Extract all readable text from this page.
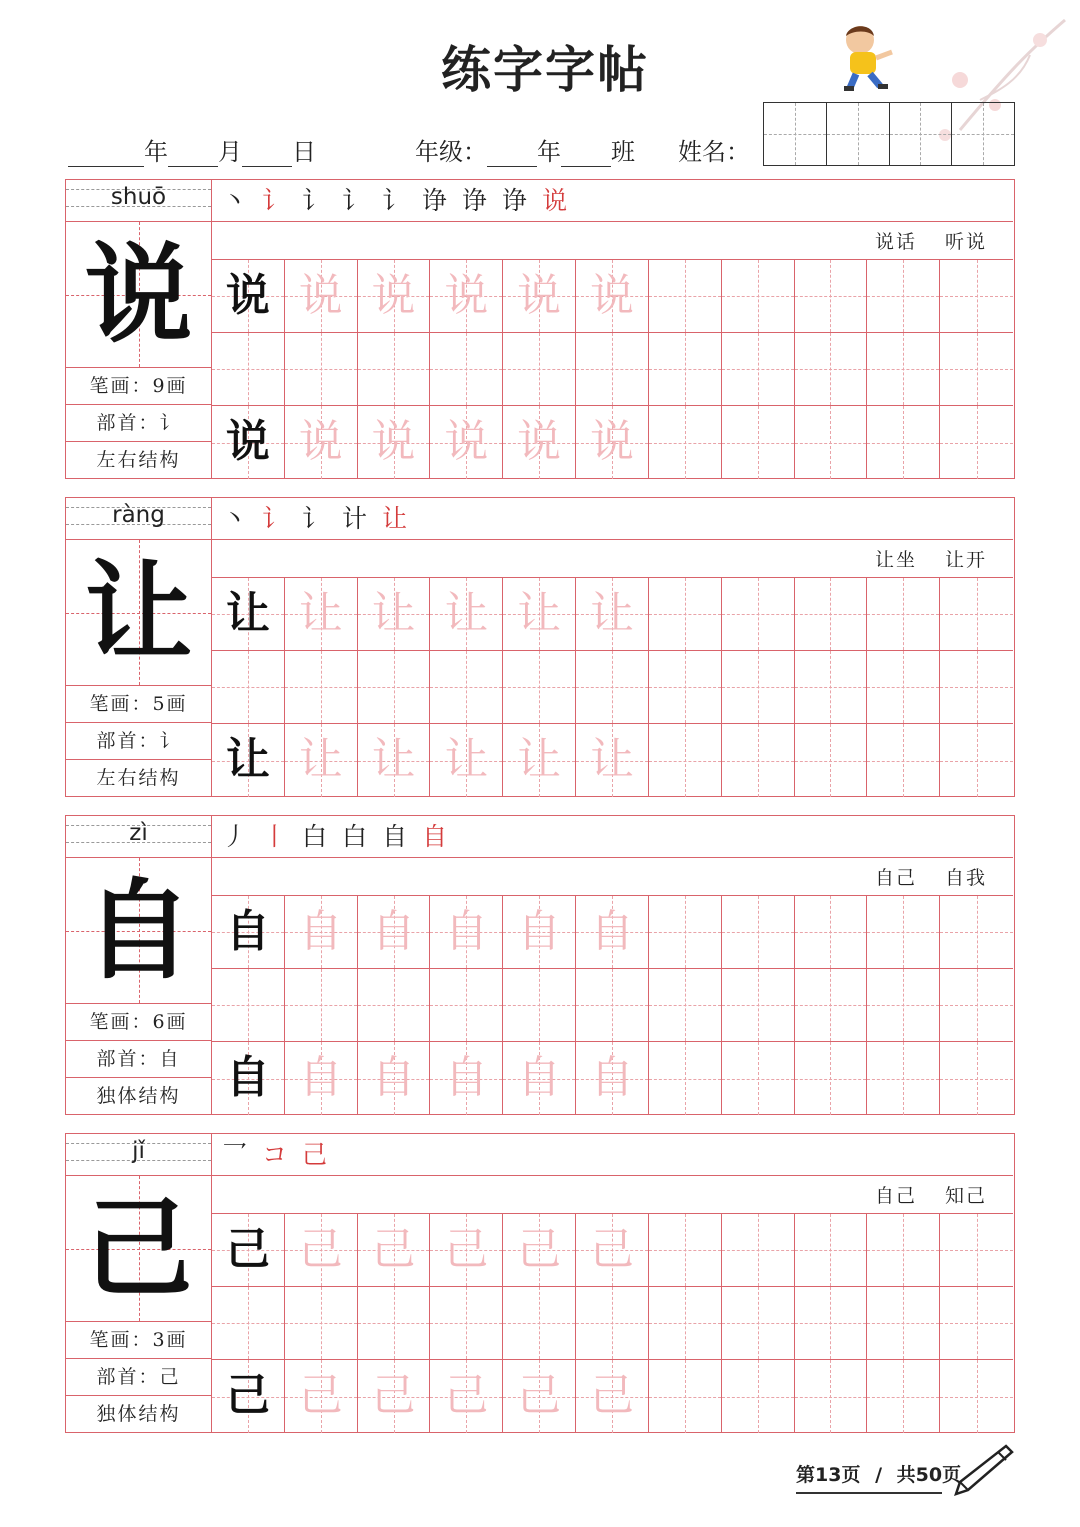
练字字帖
年 月 日	年级： 年 班 姓名：
shuō
说
笔画：9画
部首：讠
左右结构
丶 讠 讠 讠 讠 诤 诤 诤 说
说话 听说
说 说 说 说 说 说
说 说 说 说 说 说
ràng
让
笔画：5画
部首：讠
左右结构
丶 讠 讠 计 让
让坐 让开
让 让 让 让 让 让
让 让 让 让 让 让
zì
自
笔画：6画
部首：自
独体结构
丿 丨 白 白 自 自
自己 自我
自 自 自 自 自 自
自 自 自 自 自 自
jǐ
己
笔画：3画
部首：己
独体结构
乛 コ 己
自己 知己
己 己 己 己 己 己
己 己 己 己 己 己
第13页 / 共50页
